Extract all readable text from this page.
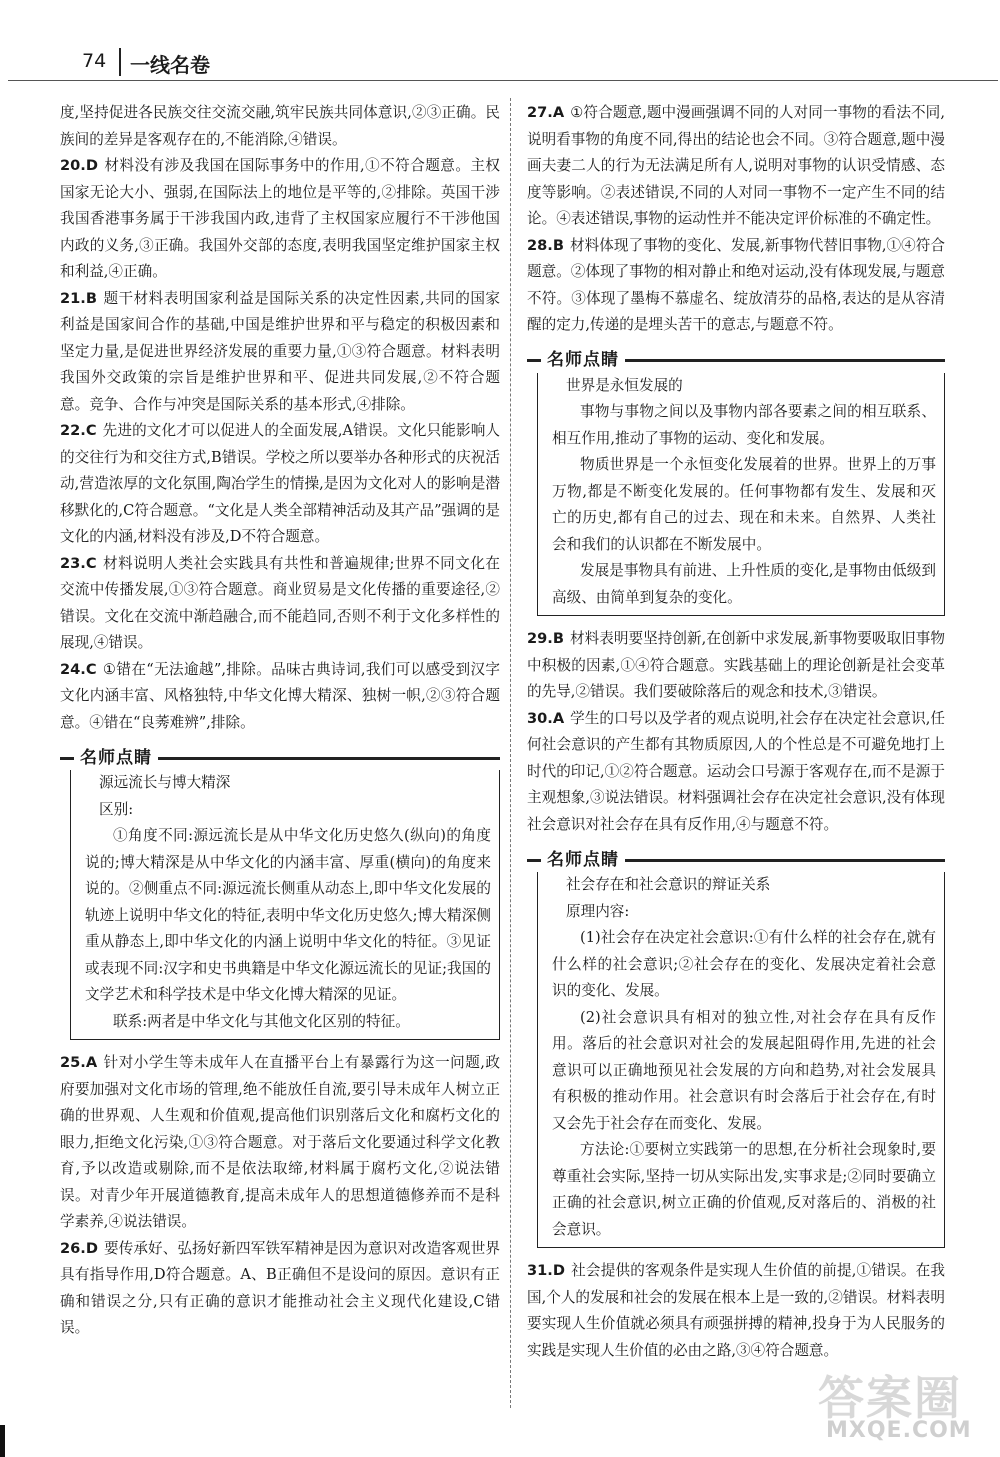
74 一线名卷

度,坚持促进各民族交往交流交融,筑牢民族共同体意识,②③正确。民族间的差异是客观存在的,不能消除,④错误。

20.D 材料没有涉及我国在国际事务中的作用,①不符合题意。主权国家无论大小、强弱,在国际法上的地位是平等的,②排除。英国干涉我国香港事务属于干涉我国内政,违背了主权国家应履行不干涉他国内政的义务,③正确。我国外交部的态度,表明我国坚定维护国家主权和利益,④正确。

21.B 题干材料表明国家利益是国际关系的决定性因素,共同的国家利益是国家间合作的基础,中国是维护世界和平与稳定的积极因素和坚定力量,是促进世界经济发展的重要力量,①③符合题意。材料表明我国外交政策的宗旨是维护世界和平、促进共同发展,②不符合题意。竞争、合作与冲突是国际关系的基本形式,④排除。

22.C 先进的文化才可以促进人的全面发展,A错误。文化只能影响人的交往行为和交往方式,B错误。学校之所以要举办各种形式的庆祝活动,营造浓厚的文化氛围,陶冶学生的情操,是因为文化对人的影响是潜移默化的,C符合题意。“文化是人类全部精神活动及其产品”强调的是文化的内涵,材料没有涉及,D不符合题意。

23.C 材料说明人类社会实践具有共性和普遍规律;世界不同文化在交流中传播发展,①③符合题意。商业贸易是文化传播的重要途径,②错误。文化在交流中渐趋融合,而不能趋同,否则不利于文化多样性的展现,④错误。

24.C ①错在“无法逾越”,排除。品味古典诗词,我们可以感受到汉字文化内涵丰富、风格独特,中华文化博大精深、独树一帜,②③符合题意。④错在“良莠难辨”,排除。

名师点睛

源远流长与博大精深

区别:

①角度不同:源远流长是从中华文化历史悠久(纵向)的角度说的;博大精深是从中华文化的内涵丰富、厚重(横向)的角度来说的。②侧重点不同:源远流长侧重从动态上,即中华文化发展的轨迹上说明中华文化的特征,表明中华文化历史悠久;博大精深侧重从静态上,即中华文化的内涵上说明中华文化的特征。③见证或表现不同:汉字和史书典籍是中华文化源远流长的见证;我国的文学艺术和科学技术是中华文化博大精深的见证。

联系:两者是中华文化与其他文化区别的特征。

25.A 针对小学生等未成年人在直播平台上有暴露行为这一问题,政府要加强对文化市场的管理,绝不能放任自流,要引导未成年人树立正确的世界观、人生观和价值观,提高他们识别落后文化和腐朽文化的眼力,拒绝文化污染,①③符合题意。对于落后文化要通过科学文化教育,予以改造或剔除,而不是依法取缔,材料属于腐朽文化,②说法错误。对青少年开展道德教育,提高未成年人的思想道德修养而不是科学素养,④说法错误。

26.D 要传承好、弘扬好新四军铁军精神是因为意识对改造客观世界具有指导作用,D符合题意。A、B正确但不是设问的原因。意识有正确和错误之分,只有正确的意识才能推动社会主义现代化建设,C错误。

27.A ①符合题意,题中漫画强调不同的人对同一事物的看法不同,说明看事物的角度不同,得出的结论也会不同。③符合题意,题中漫画夫妻二人的行为无法满足所有人,说明对事物的认识受情感、态度等影响。②表述错误,不同的人对同一事物不一定产生不同的结论。④表述错误,事物的运动性并不能决定评价标准的不确定性。

28.B 材料体现了事物的变化、发展,新事物代替旧事物,①④符合题意。②体现了事物的相对静止和绝对运动,没有体现发展,与题意不符。③体现了墨梅不慕虚名、绽放清芬的品格,表达的是从容清醒的定力,传递的是埋头苦干的意志,与题意不符。

名师点睛

世界是永恒发展的

事物与事物之间以及事物内部各要素之间的相互联系、相互作用,推动了事物的运动、变化和发展。

物质世界是一个永恒变化发展着的世界。世界上的万事万物,都是不断变化发展的。任何事物都有发生、发展和灭亡的历史,都有自己的过去、现在和未来。自然界、人类社会和我们的认识都在不断发展中。

发展是事物具有前进、上升性质的变化,是事物由低级到高级、由简单到复杂的变化。

29.B 材料表明要坚持创新,在创新中求发展,新事物要吸取旧事物中积极的因素,①④符合题意。实践基础上的理论创新是社会变革的先导,②错误。我们要破除落后的观念和技术,③错误。

30.A 学生的口号以及学者的观点说明,社会存在决定社会意识,任何社会意识的产生都有其物质原因,人的个性总是不可避免地打上时代的印记,①②符合题意。运动会口号源于客观存在,而不是源于主观想象,③说法错误。材料强调社会存在决定社会意识,没有体现社会意识对社会存在具有反作用,④与题意不符。

名师点睛

社会存在和社会意识的辩证关系

原理内容:

(1)社会存在决定社会意识:①有什么样的社会存在,就有什么样的社会意识;②社会存在的变化、发展决定着社会意识的变化、发展。

(2)社会意识具有相对的独立性,对社会存在具有反作用。落后的社会意识对社会的发展起阻碍作用,先进的社会意识可以正确地预见社会发展的方向和趋势,对社会发展具有积极的推动作用。社会意识有时会落后于社会存在,有时又会先于社会存在而变化、发展。

方法论:①要树立实践第一的思想,在分析社会现象时,要尊重社会实际,坚持一切从实际出发,实事求是;②同时要确立正确的社会意识,树立正确的价值观,反对落后的、消极的社会意识。

31.D 社会提供的客观条件是实现人生价值的前提,①错误。在我国,个人的发展和社会的发展在根本上是一致的,②错误。材料表明要实现人生价值就必须具有顽强拼搏的精神,投身于为人民服务的实践是实现人生价值的必由之路,③④符合题意。

答案圈
MXQE.COM
